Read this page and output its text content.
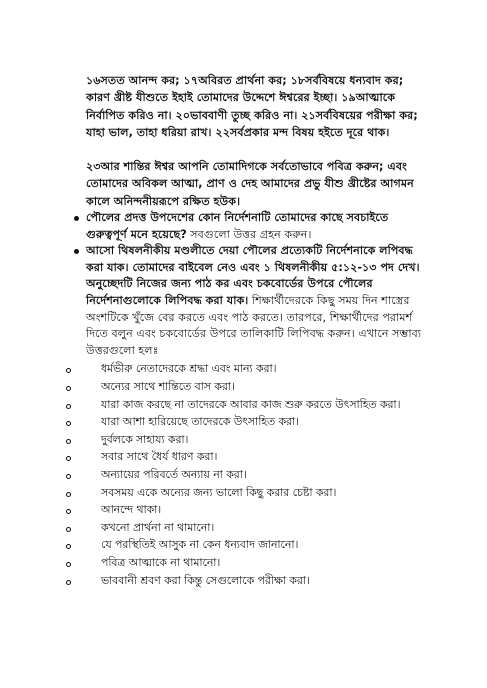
১৬সতত আনন্দ কর; ১৭অবিরত প্রার্থনা কর; ১৮সর্ববিষয়ে ধন্যবাদ কর; কারণ খ্রীষ্ট যীশুতে ইহাই তোমাদের উদ্দেশে ঈশ্বরের ইচ্ছা। ১৯আত্মাকে নির্বাপিত করিও না। ২০ভাববাণী তুচ্ছ করিও না। ২১সর্ববিষয়ের পরীক্ষা কর; যাহা ভাল, তাহা ধরিয়া রাখ। ২২সর্বপ্রকার মন্দ বিষয় হইতে দূরে থাক।
২৩আর শান্তির ঈশ্বর আপনি তোমাদিগকে সর্বতোভাবে পবিত্র করুন; এবং তোমাদের অবিকল আত্মা, প্রাণ ও দেহ আমাদের প্রভু যীশু খ্রীষ্টের আগমন কালে অনিন্দনীয়রূপে রক্ষিত হউক।
পৌলের প্রদত্ত উপদেশের কোন নির্দেশনাটি তোমাদের কাছে সবচাইতে গুরুত্বপূর্ণ মনে হয়েছে? সবগুলো উত্তর গ্রহন করুন।
আসো থিষলনীকীয় মণ্ডলীতে দেয়া পৌলের প্রত্যেকটি নির্দেশনাকে লপিবদ্ধ করা যাক। তোমাদের বাইবেল নেও এবং ১ থিষলনীকীয় ৫:১২-১৩ পদ দেখ। অনুচ্ছেদটি নিজের জন্য পাঠ কর এবং চকবোর্ডের উপরে পৌলের নির্দেশনাগুলোকে লিপিবদ্ধ করা যাক। শিক্ষার্থীদেরকে কিছু সময় দিন শাস্ত্রের অংশটিকে খুঁজে বের করতে এবং পাঠ করতে। তারপরে, শিক্ষার্থীদের পরামর্শ দিতে বলুন এবং চকবোর্ডের উপরে তালিকাটি লিপিবদ্ধ করুন। এখানে সম্ভাব্য উত্তরগুলো হলঃ
ধর্মভীরু নেতাদেরকে শ্রদ্ধা এবং মান্য করা।
অন্যের সাথে শান্তিতে বাস করা।
যারা কাজ করছে না তাদেরকে আবার কাজ শুরু করতে উৎসাহিত করা।
যারা আশা হারিয়েছে তাদেরকে উৎসাহিত করা।
দুর্বলকে সাহায্য করা।
সবার সাথে ধৈর্য ধারণ করা।
অন্যায়ের পরিবর্তে অন্যায় না করা।
সবসময় একে অন্যের জন্য ভালো কিছু করার চেষ্টা করা।
আনন্দে থাকা।
কখনো প্রার্থনা না থামানো।
যে পরস্থিতিই আসুক না কেন ধন্যবাদ জানানো।
পবিত্র আত্মাকে না থামানো।
ভাববানী শ্রবণ করা কিন্তু সেগুলোকে পরীক্ষা করা।
